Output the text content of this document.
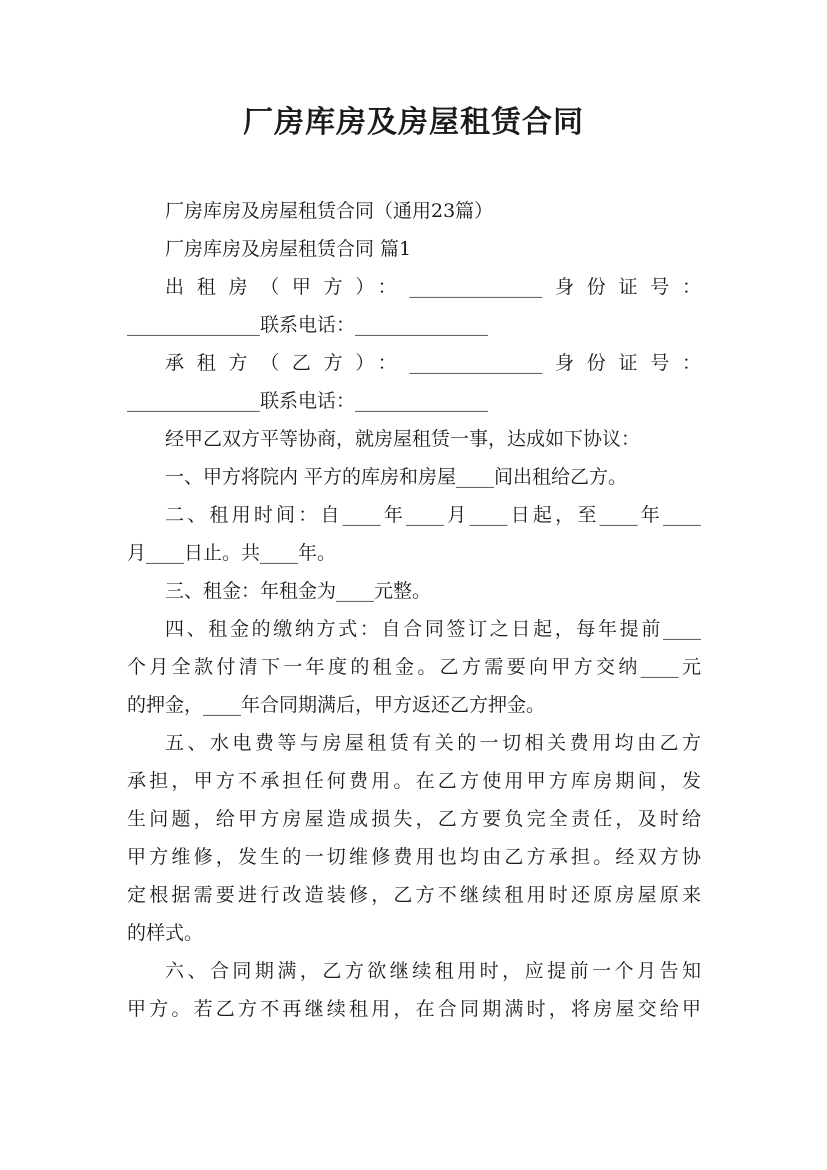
厂房库房及房屋租赁合同

厂房库房及房屋租赁合同（通用23篇）

厂房库房及房屋租赁合同 篇1

出租房（甲方）：______________身份证号：

______________联系电话：______________

承租方（乙方）：______________身份证号：

______________联系电话：______________

经甲乙双方平等协商，就房屋租赁一事，达成如下协议：

一、甲方将院内 平方的库房和房屋____间出租给乙方。

二、租用时间：自____年____月____日起，至____年____

月____日止。共____年。

三、租金：年租金为____元整。

四、租金的缴纳方式：自合同签订之日起，每年提前____

个月全款付清下一年度的租金。乙方需要向甲方交纳____元

的押金，____年合同期满后，甲方返还乙方押金。

五、水电费等与房屋租赁有关的一切相关费用均由乙方

承担，甲方不承担任何费用。在乙方使用甲方库房期间，发

生问题，给甲方房屋造成损失，乙方要负完全责任，及时给

甲方维修，发生的一切维修费用也均由乙方承担。经双方协

定根据需要进行改造装修，乙方不继续租用时还原房屋原来

的样式。

六、合同期满，乙方欲继续租用时，应提前一个月告知

甲方。若乙方不再继续租用，在合同期满时，将房屋交给甲
